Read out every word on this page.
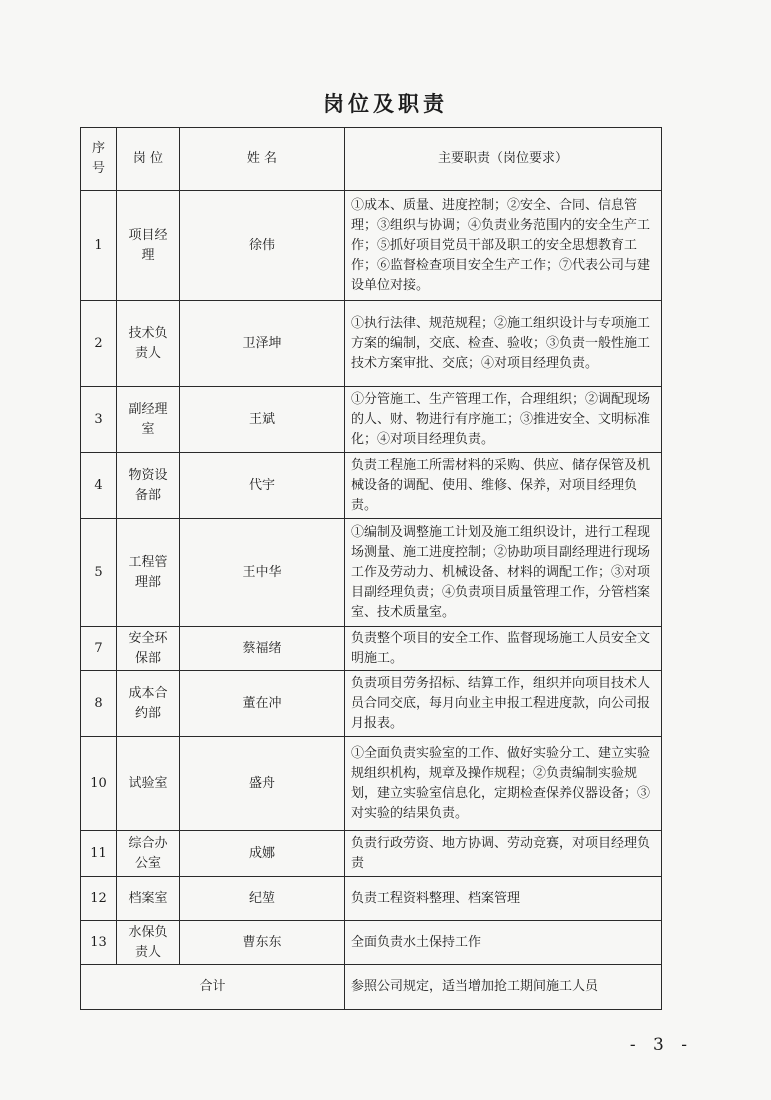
岗位及职责
序号	岗 位	姓 名	主要职责（岗位要求）
1	项目经理	徐伟	①成本、质量、进度控制；②安全、合同、信息管理；③组织与协调；④负责业务范围内的安全生产工作；⑤抓好项目党员干部及职工的安全思想教育工作；⑥监督检查项目安全生产工作；⑦代表公司与建设单位对接。
2	技术负责人	卫泽坤	①执行法律、规范规程；②施工组织设计与专项施工方案的编制，交底、检查、验收；③负责一般性施工技术方案审批、交底；④对项目经理负责。
3	副经理室	王斌	①分管施工、生产管理工作，合理组织；②调配现场的人、财、物进行有序施工；③推进安全、文明标准化；④对项目经理负责。
4	物资设备部	代宇	负责工程施工所需材料的采购、供应、储存保管及机械设备的调配、使用、维修、保养，对项目经理负责。
5	工程管理部	王中华	①编制及调整施工计划及施工组织设计，进行工程现场测量、施工进度控制；②协助项目副经理进行现场工作及劳动力、机械设备、材料的调配工作；③对项目副经理负责；④负责项目质量管理工作，分管档案室、技术质量室。
7	安全环保部	蔡福绪	负责整个项目的安全工作、监督现场施工人员安全文明施工。
8	成本合约部	董在冲	负责项目劳务招标、结算工作，组织并向项目技术人员合同交底，每月向业主申报工程进度款，向公司报月报表。
10	试验室	盛舟	①全面负责实验室的工作、做好实验分工、建立实验规组织机构，规章及操作规程；②负责编制实验规划，建立实验室信息化，定期检查保养仪器设备；③对实验的结果负责。
11	综合办公室	成娜	负责行政劳资、地方协调、劳动竞赛，对项目经理负责
12	档案室	纪堃	负责工程资料整理、档案管理
13	水保负责人	曹东东	全面负责水土保持工作
合计			参照公司规定，适当增加抢工期间施工人员
- 3 -
